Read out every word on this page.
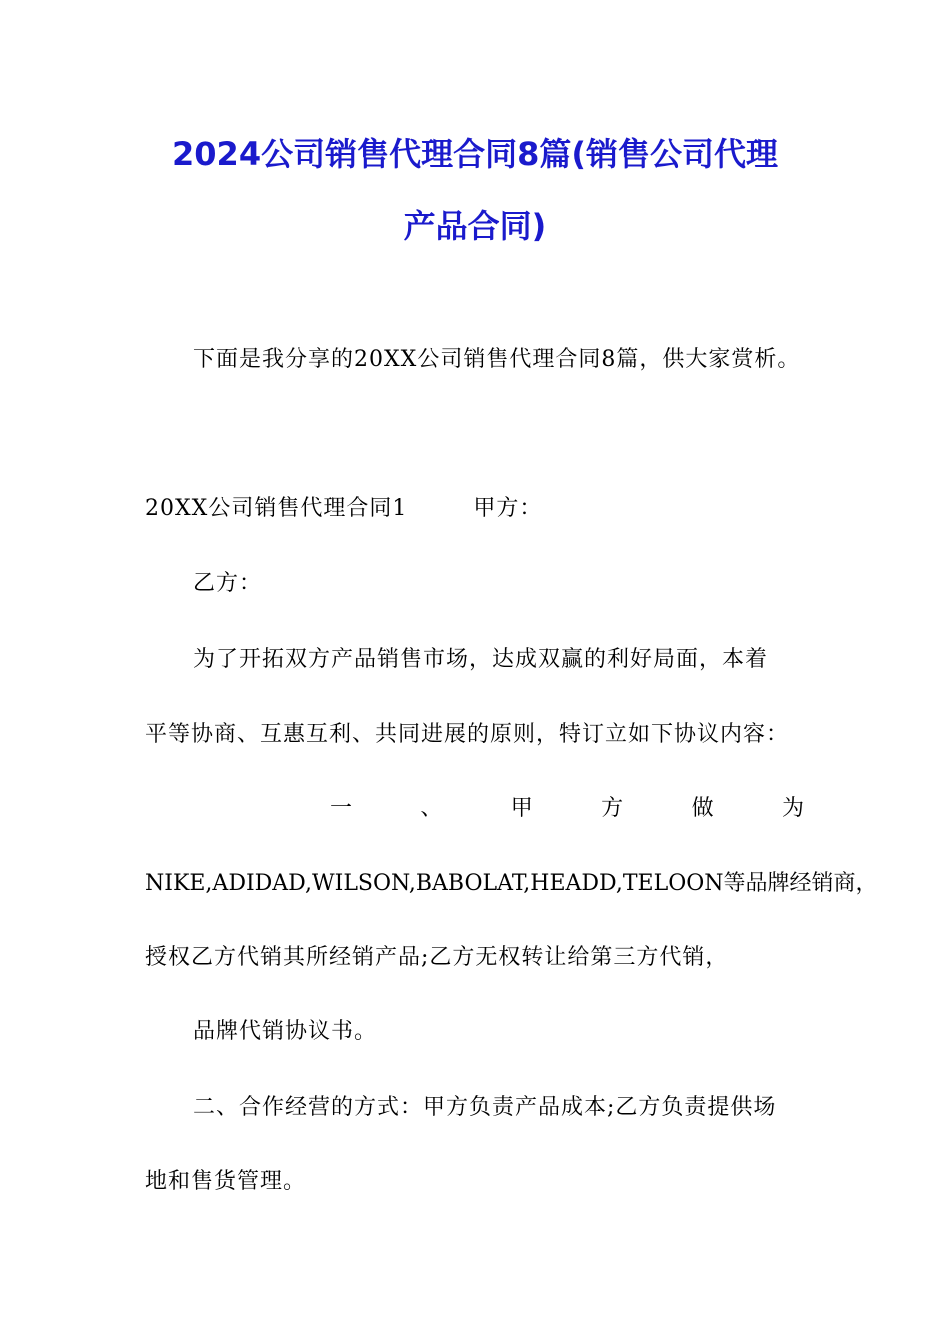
2024公司销售代理合同8篇(销售公司代理
产品合同)
下面是我分享的20XX公司销售代理合同8篇，供大家赏析。
20XX公司销售代理合同1	甲方：
乙方：
为了开拓双方产品销售市场，达成双赢的利好局面，本着
平等协商、互惠互利、共同进展的原则，特订立如下协议内容：
一	、	甲	方	做	为
NIKE,ADIDAD,WILSON,BABOLAT,HEADD,TELOON等品牌经销商，
授权乙方代销其所经销产品;乙方无权转让给第三方代销，
品牌代销协议书。
二、合作经营的方式：甲方负责产品成本;乙方负责提供场
地和售货管理。
